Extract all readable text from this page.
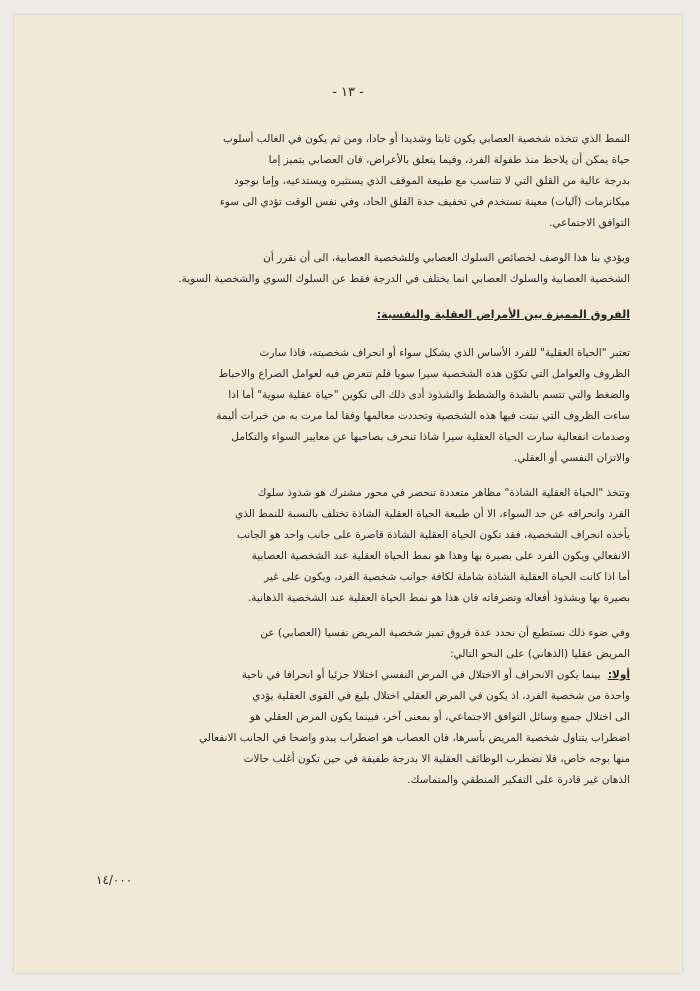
- ١٣ -

النمط الذي تتخذه شخصية العصابي يكون ثابتا وشديدا أو حادا، ومن ثم يكون في الغالب أسلوب

حياة يمكن أن يلاحظ منذ طفولة الفرد، وفيما يتعلق بالأعراض، فان العصابي يتميز إما

بدرجة عالية من القلق التي لا تتناسب مع طبيعة الموقف الذي يستثيره ويستدعيه، وإما بوجود

ميكانزمات (آليات) معينة تستخدم في تخفيف حدة القلق الحاد، وفي نفس الوقت تؤدي الى سوء

التوافق الاجتماعي.

ويؤدي بنا هذا الوصف لخصائص السلوك العصابي وللشخصية العصابية، الى أن نقرر أن

الشخصية العصابية والسلوك العصابي انما يختلف في الدرجة فقط عن السلوك السوي والشخصية السوية.

الفروق المميزة بين الأمراض العقلية والنفسية:

تعتبر "الحياة العقلية" للفرد الأساس الذي يشكل سواء أو انحراف شخصيته، فاذا سارت

الظروف والعوامل التي تكوّن هذه الشخصية سيرا سويا فلم تتعرض فيه لعوامل الصراع والاحباط

والضغط والتي تتسم بالشدة والشطط والشذوذ أدى ذلك الى تكوين "حياة عقلية سوية" أما اذا

ساءت الظروف التي نبتت فيها هذه الشخصية وتحددت معالمها وفقا لما مرت به من خبرات أليمة

وصدمات انفعالية سارت الحياة العقلية سيرا شاذا تنحرف بصاحبها عن معايير السواء والتكامل

والاتزان النفسي أو العقلي.

وتتخذ "الحياة العقلية الشاذة" مظاهر متعددة تنحصر في محور مشترك هو شذوذ سلوك

الفرد وانحرافه عن حد السواء، الا أن طبيعة الحياة العقلية الشاذة تختلف بالنسبة للنمط الذي

يأخذه انحراف الشخصية، فقد تكون الحياة العقلية الشاذة قاصرة على جانب واحد هو الجانب

الانفعالي ويكون الفرد على بصيرة بها وهذا هو نمط الحياة العقلية عند الشخصية العصابية

أما اذا كانت الحياة العقلية الشاذة شاملة لكافة جوانب شخصية الفرد، ويكون على غير

بصيرة بها وبشذوذ أفعاله وتصرفاته فان هذا هو نمط الحياة العقلية عند الشخصية الذهانية.

وفي ضوء ذلك نستطيع أن نحدد عدة فروق تميز شخصية المريض نفسيا (العصابي) عن

المريض عقليا (الذهاني) على النحو التالي:

أولا: بينما يكون الانحراف أو الاختلال في المرض النفسي اختلالا جزئيا أو انحرافا في ناحية

واحدة من شخصية الفرد، اذ يكون في المرض العقلي اختلال بليغ في القوى العقلية يؤدي

الى اختلال جميع وسائل التوافق الاجتماعي، أو بمعنى آخر، فبينما يكون المرض العقلي هو

اضطراب يتناول شخصية المريض بأسرها، فان العصاب هو اضطراب يبدو واضحا في الجانب الانفعالي

منها بوجه خاص، فلا تضطرب الوظائف العقلية الا بدرجة طفيفة في حين تكون أغلب حالات

الذهان غير قادرة على التفكير المنطقي والمتماسك.

١٤/٠٠٠
